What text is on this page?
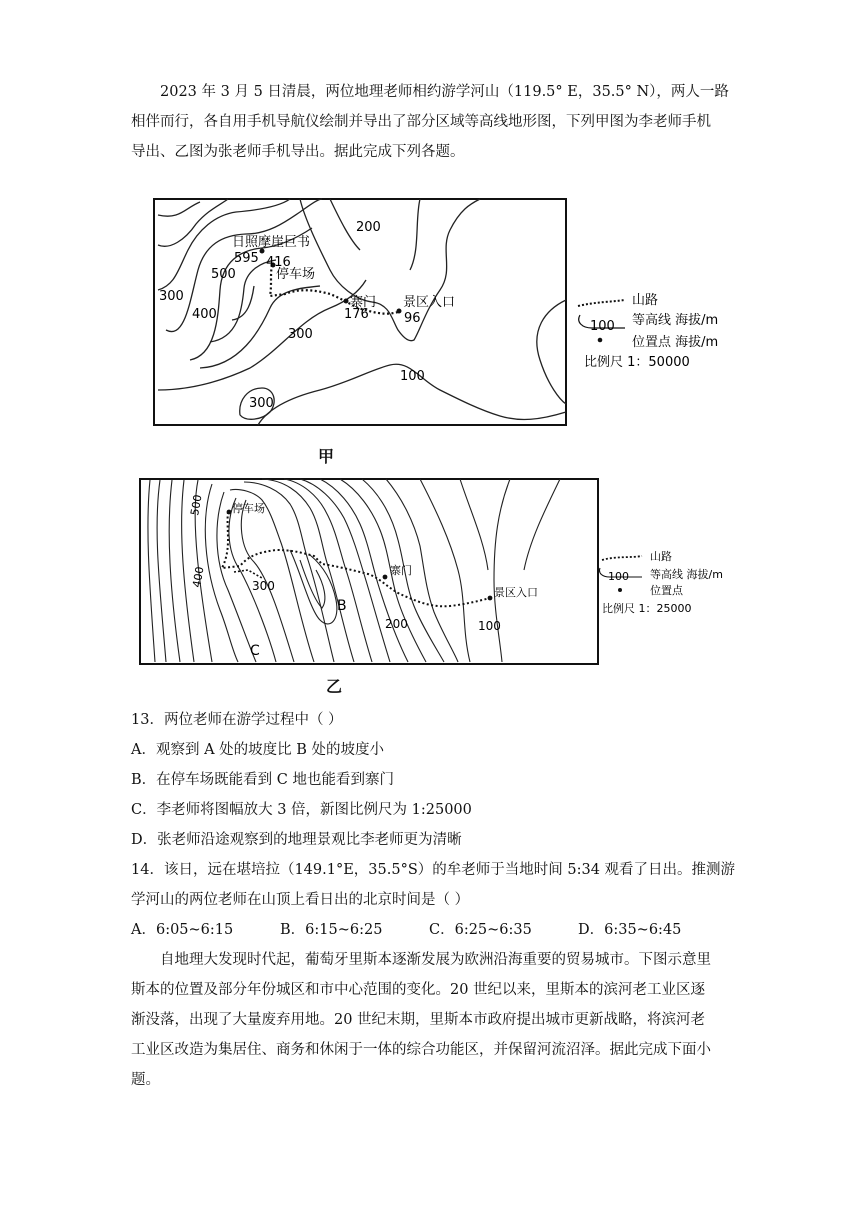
2023 年 3 月 5 日清晨，两位地理老师相约游学河山（119.5° E，35.5° N），两人一路
相伴而行，各自用手机导航仪绘制并导出了部分区域等高线地形图，下列甲图为李老师手机
导出、乙图为张老师手机导出。据此完成下列各题。
日照摩崖巨书
595 416
停车场
寨门
176
景区入口
96
200
500
300
400
300
100
300
山路
100 等高线 海拔/m
位置点 海拔/m
比例尺 1：50000
甲
停车场
500
400	300
寨门
景区入口
B
C
200	100
山路
100 等高线 海拔/m
位置点
比例尺 1：25000
乙
13．两位老师在游学过程中（ ）
A．观察到 A 处的坡度比 B 处的坡度小
B．在停车场既能看到 C 地也能看到寨门
C．李老师将图幅放大 3 倍，新图比例尺为 1:25000
D．张老师沿途观察到的地理景观比李老师更为清晰
14．该日，远在堪培拉（149.1°E，35.5°S）的牟老师于当地时间 5:34 观看了日出。推测游
学河山的两位老师在山顶上看日出的北京时间是（ ）
A．6:05~6:15	B．6:15~6:25	C．6:25~6:35	D．6:35~6:45
自地理大发现时代起，葡萄牙里斯本逐渐发展为欧洲沿海重要的贸易城市。下图示意里
斯本的位置及部分年份城区和市中心范围的变化。20 世纪以来，里斯本的滨河老工业区逐
渐没落，出现了大量废弃用地。20 世纪末期，里斯本市政府提出城市更新战略，将滨河老
工业区改造为集居住、商务和休闲于一体的综合功能区，并保留河流沼泽。据此完成下面小
题。
